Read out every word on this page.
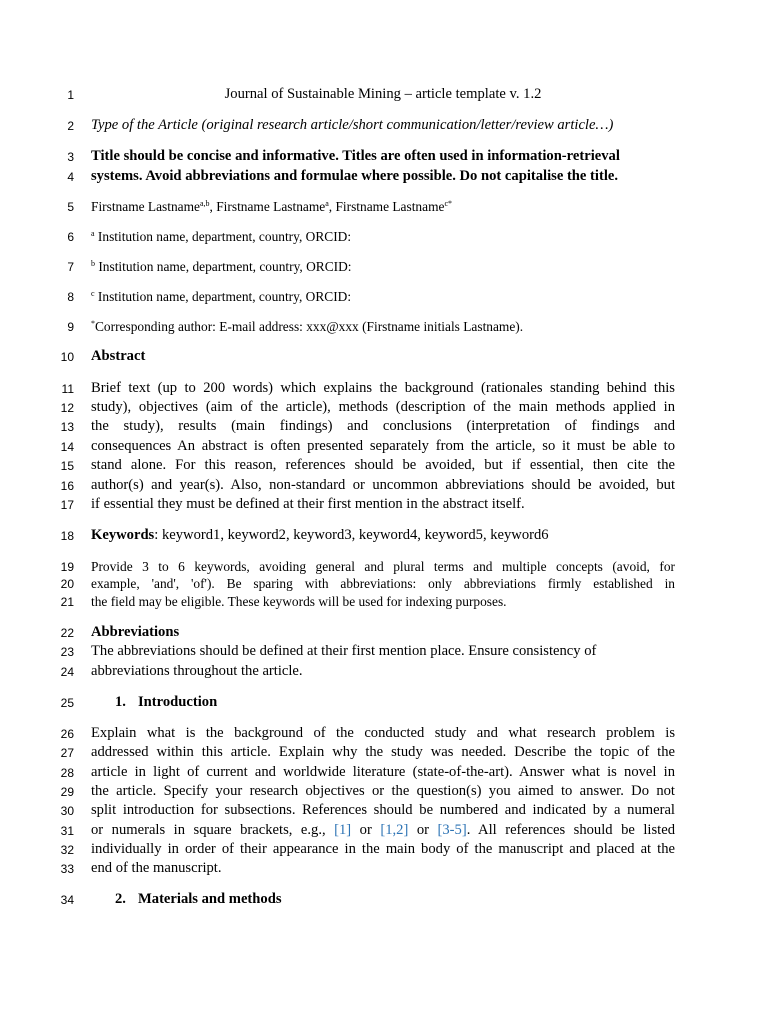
1
2
3
4
5
6
7
8
9
10
11
12
13
14
15
16
17
18
19
20
21
22
23
24
25
26
27
28
29
30
31
32
33
34
Journal of Sustainable Mining – article template v. 1.2
Type of the Article (original research article/short communication/letter/review article…)
Title should be concise and informative. Titles are often used in information-retrieval
systems. Avoid abbreviations and formulae where possible. Do not capitalise the title.
Firstname Lastname$^{a,b}$, Firstname Lastname$^a$, Firstname Lastname$^{c*}$
$^a$ Institution name, department, country, ORCID:
$^b$ Institution name, department, country, ORCID:
$^c$ Institution name, department, country, ORCID:
*Corresponding author: E-mail address: xxx@xxx (Firstname initials Lastname).
Abstract
Brief text (up to 200 words) which explains the background (rationales standing behind this
study), objectives (aim of the article), methods (description of the main methods applied in
the study), results (main findings) and conclusions (interpretation of findings and
consequences An abstract is often presented separately from the article, so it must be able to
stand alone. For this reason, references should be avoided, but if essential, then cite the
author(s) and year(s). Also, non-standard or uncommon abbreviations should be avoided, but
if essential they must be defined at their first mention in the abstract itself.
Keywords: keyword1, keyword2, keyword3, keyword4, keyword5, keyword6
Provide 3 to 6 keywords, avoiding general and plural terms and multiple concepts (avoid, for
example, 'and', 'of'). Be sparing with abbreviations: only abbreviations firmly established in
the field may be eligible. These keywords will be used for indexing purposes.
Abbreviations
The abbreviations should be defined at their first mention place. Ensure consistency of
abbreviations throughout the article.
1. Introduction
Explain what is the background of the conducted study and what research problem is
addressed within this article. Explain why the study was needed. Describe the topic of the
article in light of current and worldwide literature (state-of-the-art). Answer what is novel in
the article. Specify your research objectives or the question(s) you aimed to answer. Do not
split introduction for subsections. References should be numbered and indicated by a numeral
or numerals in square brackets, e.g., [1] or [1,2] or [3-5]. All references should be listed
individually in order of their appearance in the main body of the manuscript and placed at the
end of the manuscript.
2. Materials and methods
